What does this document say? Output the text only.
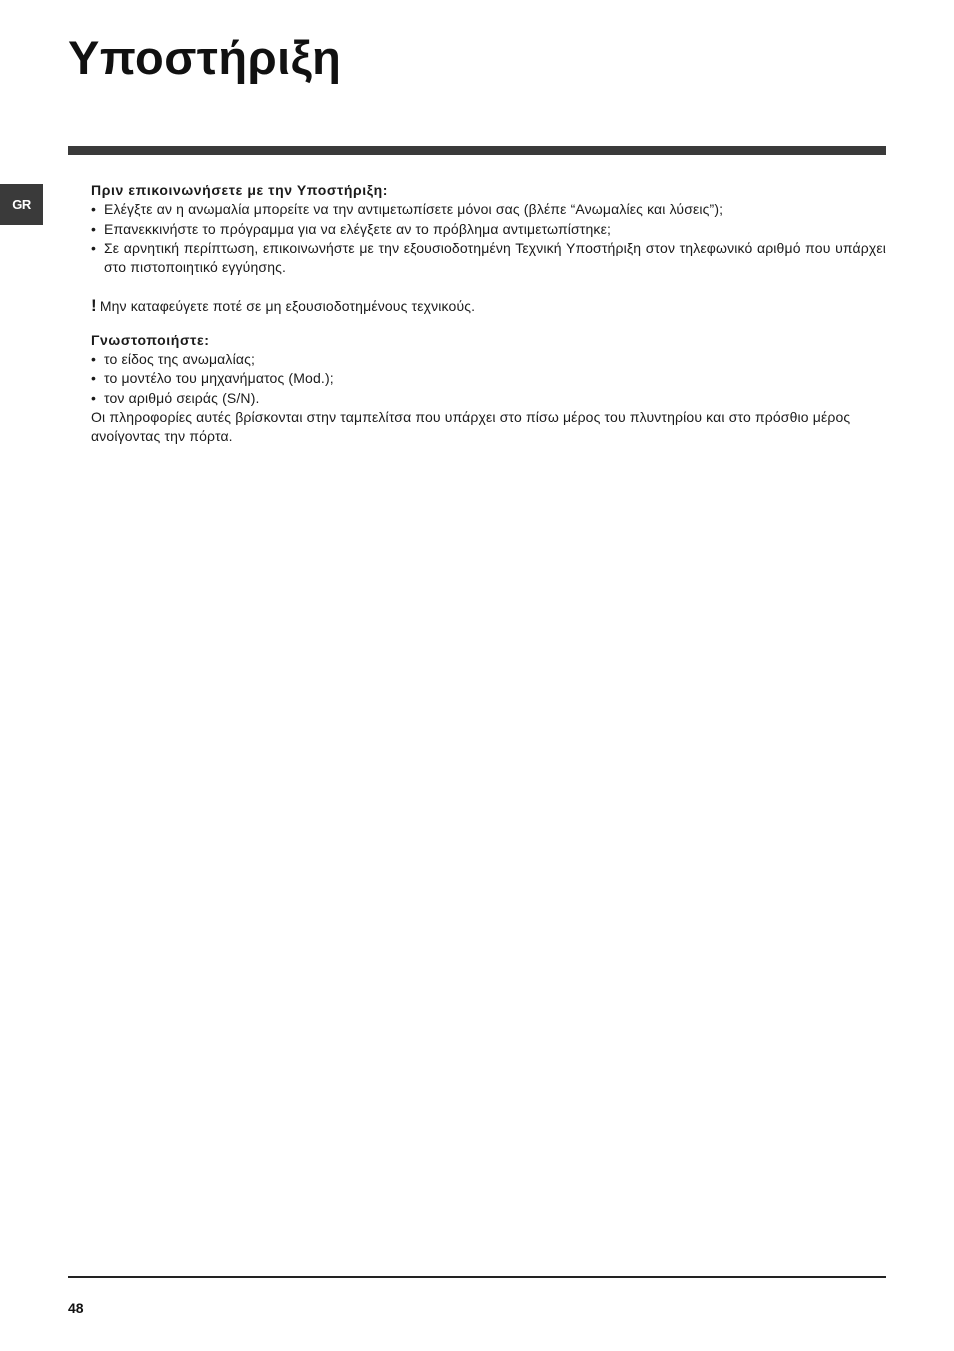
Υποστήριξη
GR

Πριν επικοινωνήσετε με την Υποστήριξη:

• Ελέγξτε αν η ανωμαλία μπορείτε να την αντιμετωπίσετε μόνοι σας (βλέπε “Ανωμαλίες και λύσεις”);
• Επανεκκινήστε το πρόγραμμα για να ελέγξετε αν το πρόβλημα αντιμετωπίστηκε;
• Σε αρνητική περίπτωση, επικοινωνήστε με την εξουσιοδοτημένη Τεχνική Υποστήριξη στον τηλεφωνικό αριθμό που υπάρχει στο πιστοποιητικό εγγύησης.

! Μην καταφεύγετε ποτέ σε μη εξουσιοδοτημένους τεχνικούς.

Γνωστοποιήστε:

• το είδος της ανωμαλίας;
• το μοντέλο του μηχανήματος (Mod.);
• τον αριθμό σειράς (S/N).

Οι πληροφορίες αυτές βρίσκονται στην ταμπελίτσα που υπάρχει στο πίσω μέρος του πλυντηρίου και στο πρόσθιο μέρος ανοίγοντας την πόρτα.

48
